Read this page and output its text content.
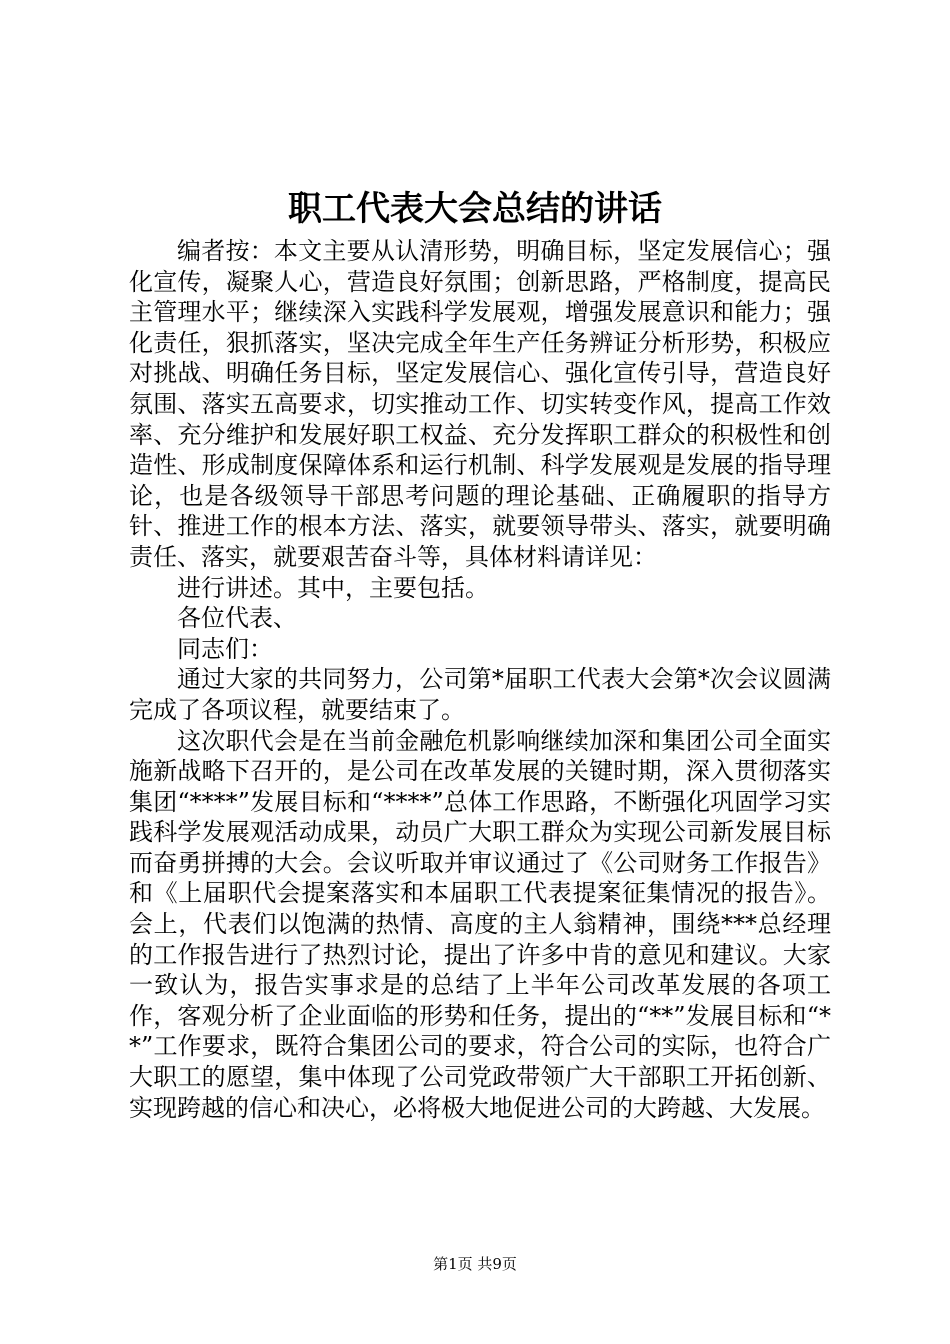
职工代表大会总结的讲话

编者按：本文主要从认清形势，明确目标，坚定发展信心；强化宣传，凝聚人心，营造良好氛围；创新思路，严格制度，提高民主管理水平；继续深入实践科学发展观，增强发展意识和能力；强化责任，狠抓落实，坚决完成全年生产任务辨证分析形势，积极应对挑战、明确任务目标，坚定发展信心、强化宣传引导，营造良好氛围、落实五高要求，切实推动工作、切实转变作风，提高工作效率、充分维护和发展好职工权益、充分发挥职工群众的积极性和创造性、形成制度保障体系和运行机制、科学发展观是发展的指导理论，也是各级领导干部思考问题的理论基础、正确履职的指导方针、推进工作的根本方法、落实，就要领导带头、落实，就要明确责任、落实，就要艰苦奋斗等，具体材料请详见：

进行讲述。其中，主要包括。

各位代表、

同志们：

通过大家的共同努力，公司第*届职工代表大会第*次会议圆满完成了各项议程，就要结束了。

这次职代会是在当前金融危机影响继续加深和集团公司全面实施新战略下召开的，是公司在改革发展的关键时期，深入贯彻落实集团“****”发展目标和“****”总体工作思路，不断强化巩固学习实践科学发展观活动成果，动员广大职工群众为实现公司新发展目标而奋勇拼搏的大会。会议听取并审议通过了《公司财务工作报告》和《上届职代会提案落实和本届职工代表提案征集情况的报告》。会上，代表们以饱满的热情、高度的主人翁精神，围绕***总经理的工作报告进行了热烈讨论，提出了许多中肯的意见和建议。大家一致认为，报告实事求是的总结了上半年公司改革发展的各项工作，客观分析了企业面临的形势和任务，提出的“**”发展目标和“**”工作要求，既符合集团公司的要求，符合公司的实际，也符合广大职工的愿望，集中体现了公司党政带领广大干部职工开拓创新、实现跨越的信心和决心，必将极大地促进公司的大跨越、大发展。

第1页 共9页
